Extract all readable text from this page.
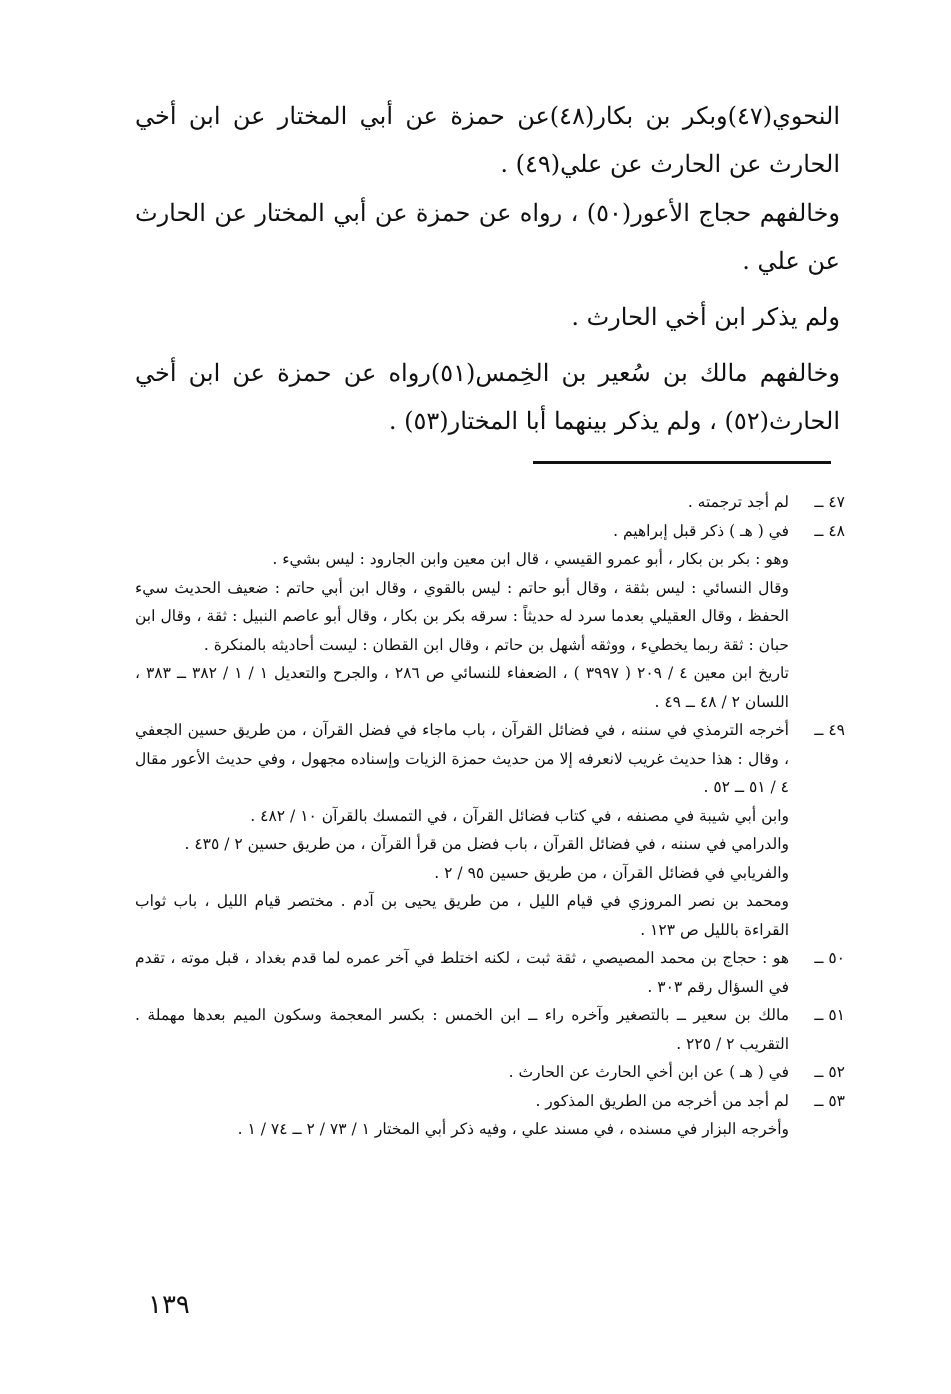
النحوي(٤٧)وبكر بن بكار(٤٨)عن حمزة عن أبي المختار عن ابن أخي الحارث عن الحارث عن علي(٤٩) .

وخالفهم حجاج الأعور(٥٠) ، رواه عن حمزة عن أبي المختار عن الحارث عن علي .

ولم يذكر ابن أخي الحارث .

وخالفهم مالك بن سُعير بن الخِمس(٥١)رواه عن حمزة عن ابن أخي الحارث(٥٢) ، ولم يذكر بينهما أبا المختار(٥٣) .

٤٧ ــ
لم أجد ترجمته .
٤٨ ــ
في ( هـ ) ذكر قبل إبراهيم .
وهو : بكر بن بكار ، أبو عمرو القيسي ، قال ابن معين وابن الجارود : ليس بشيء .
وقال النسائي : ليس بثقة ، وقال أبو حاتم : ليس بالقوي ، وقال ابن أبي حاتم : ضعيف الحديث سيء الحفظ ، وقال العقيلي بعدما سرد له حديثاً : سرقه بكر بن بكار ، وقال أبو عاصم النبيل : ثقة ، وقال ابن حبان : ثقة ربما يخطيء ، ووثقه أشهل بن حاتم ، وقال ابن القطان : ليست أحاديثه بالمنكرة .
تاريخ ابن معين ٤ / ٢٠٩ ( ٣٩٩٧ ) ، الضعفاء للنسائي ص ٢٨٦ ، والجرح والتعديل ١ / ١ / ٣٨٢ ــ ٣٨٣ ، اللسان ٢ / ٤٨ ــ ٤٩ .
٤٩ ــ
أخرجه الترمذي في سننه ، في فضائل القرآن ، باب ماجاء في فضل القرآن ، من طريق حسين الجعفي ، وقال : هذا حديث غريب لانعرفه إلا من حديث حمزة الزيات وإسناده مجهول ، وفي حديث الأعور مقال ٤ / ٥١ ــ ٥٢ .
وابن أبي شيبة في مصنفه ، في كتاب فضائل القرآن ، في التمسك بالقرآن ١٠ / ٤٨٢ .
والدرامي في سننه ، في فضائل القرآن ، باب فضل من قرأ القرآن ، من طريق حسين ٢ / ٤٣٥ .
والفريابي في فضائل القرآن ، من طريق حسين ٩٥ / ٢ .
ومحمد بن نصر المروزي في قيام الليل ، من طريق يحيى بن آدم . مختصر قيام الليل ، باب ثواب القراءة بالليل ص ١٢٣ .
٥٠ ــ
هو : حجاج بن محمد المصيصي ، ثقة ثبت ، لكنه اختلط في آخر عمره لما قدم بغداد ، قبل موته ، تقدم في السؤال رقم ٣٠٣ .
٥١ ــ
مالك بن سعير ــ بالتصغير وآخره راء ــ ابن الخمس : بكسر المعجمة وسكون الميم بعدها مهملة . التقريب ٢ / ٢٢٥ .
٥٢ ــ
في ( هـ ) عن ابن أخي الحارث عن الحارث .
٥٣ ــ
لم أجد من أخرجه من الطريق المذكور .
وأخرجه البزار في مسنده ، في مسند علي ، وفيه ذكر أبي المختار ١ / ٧٣ / ٢ ــ ٧٤ / ١ .
١٣٩
